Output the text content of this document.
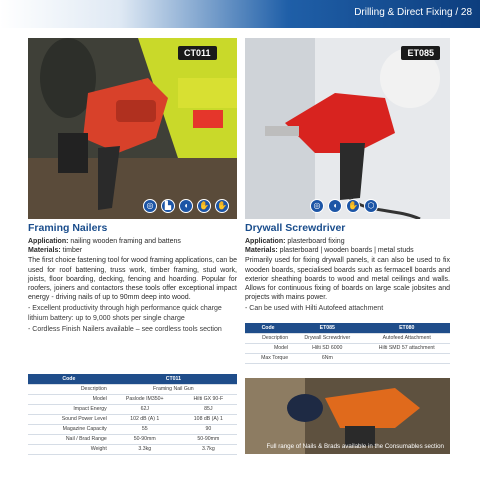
Drilling & Direct Fixing / 28
CT011
◎	▙	◖	✋ ✋
ET085
◎	◖	✋	⬡
Framing Nailers
Application: nailing wooden framing and battens
Materials: timber
The first choice fastening tool for wood framing applications, can be used for roof battening, truss work, timber framing, stud work, joists, floor boarding, decking, fencing and hoarding. Popular for roofers, joiners and contactors these tools offer exceptional impact energy - driving nails of up to 90mm deep into wood.
- Excellent productivity through high performance quick charge lithium battery: up to 9,000 shots per single charge
- Cordless Finish Nailers available – see cordless tools section
Code	CT011	
Description	Framing Nail Gun	
Model	Paslode IM350+	Hilti GX 90-F
Impact Energy	62J	85J
Sound Power Level	102 dB (A) 1	108 dB (A) 1
Magazine Capacity	55	90
Nail / Brad Range	50-90mm	50-90mm
Weight	3.3kg	3.7kg
Drywall Screwdriver
Application: plasterboard fixing
Materials: plasterboard | wooden boards | metal studs
Primarily used for fixing drywall panels, it can also be used to fix wooden boards, specialised boards such as fermacell boards and exterior sheathing boards to wood and metal ceilings and walls. Allows for continuous fixing of boards on large scale jobsites and projects with mains power.
- Can be used with Hilti Autofeed attachment
Code	ET085	ET080
Description	Drywall Screwdriver	Autofeed Attachment
Model	Hilti SD 6000	Hilti SMD 57 attachment
Max Torque	6Nm	
Full range of Nails & Brads available in the Consumables section
